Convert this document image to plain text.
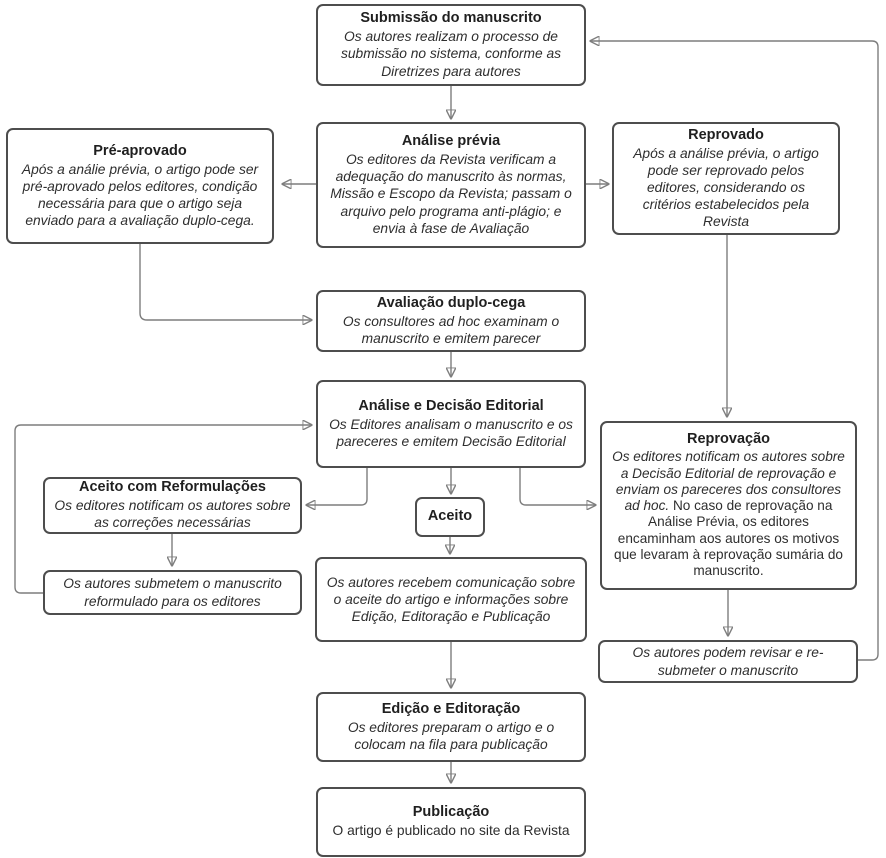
Submissão do manuscrito
Os autores realizam o processo de submissão no sistema, conforme as Diretrizes para autores
Análise prévia
Os editores da Revista verificam a adequação do manuscrito às normas, Missão e Escopo da Revista; passam o arquivo pelo programa anti-plágio; e envia à fase de Avaliação
Pré-aprovado
Após a análie prévia, o artigo pode ser pré-aprovado pelos editores, condição necessária para que o artigo seja enviado para a avaliação duplo-cega.
Reprovado
Após a análise prévia, o artigo pode ser reprovado pelos editores, considerando os critérios estabelecidos pela Revista
Avaliação duplo-cega
Os consultores ad hoc examinam o manuscrito e emitem parecer
Análise e Decisão Editorial
Os Editores analisam o manuscrito e os pareceres e emitem Decisão Editorial
Aceito com Reformulações
Os editores notificam os autores sobre as correções necessárias
Os autores submetem o manuscrito reformulado para os editores
Aceito
Os autores recebem comunicação sobre o aceite do artigo e informações sobre Edição, Editoração e Publicação
Reprovação
Os editores notificam os autores sobre a Decisão Editorial de reprovação e enviam os pareceres dos consultores ad hoc. No caso de reprovação na Análise Prévia, os editores encaminham aos autores os motivos que levaram à reprovação sumária do manuscrito.
Os autores podem revisar e re-submeter o manuscrito
Edição e Editoração
Os editores preparam o artigo e o colocam na fila para publicação
Publicação
O artigo é publicado no site da Revista
